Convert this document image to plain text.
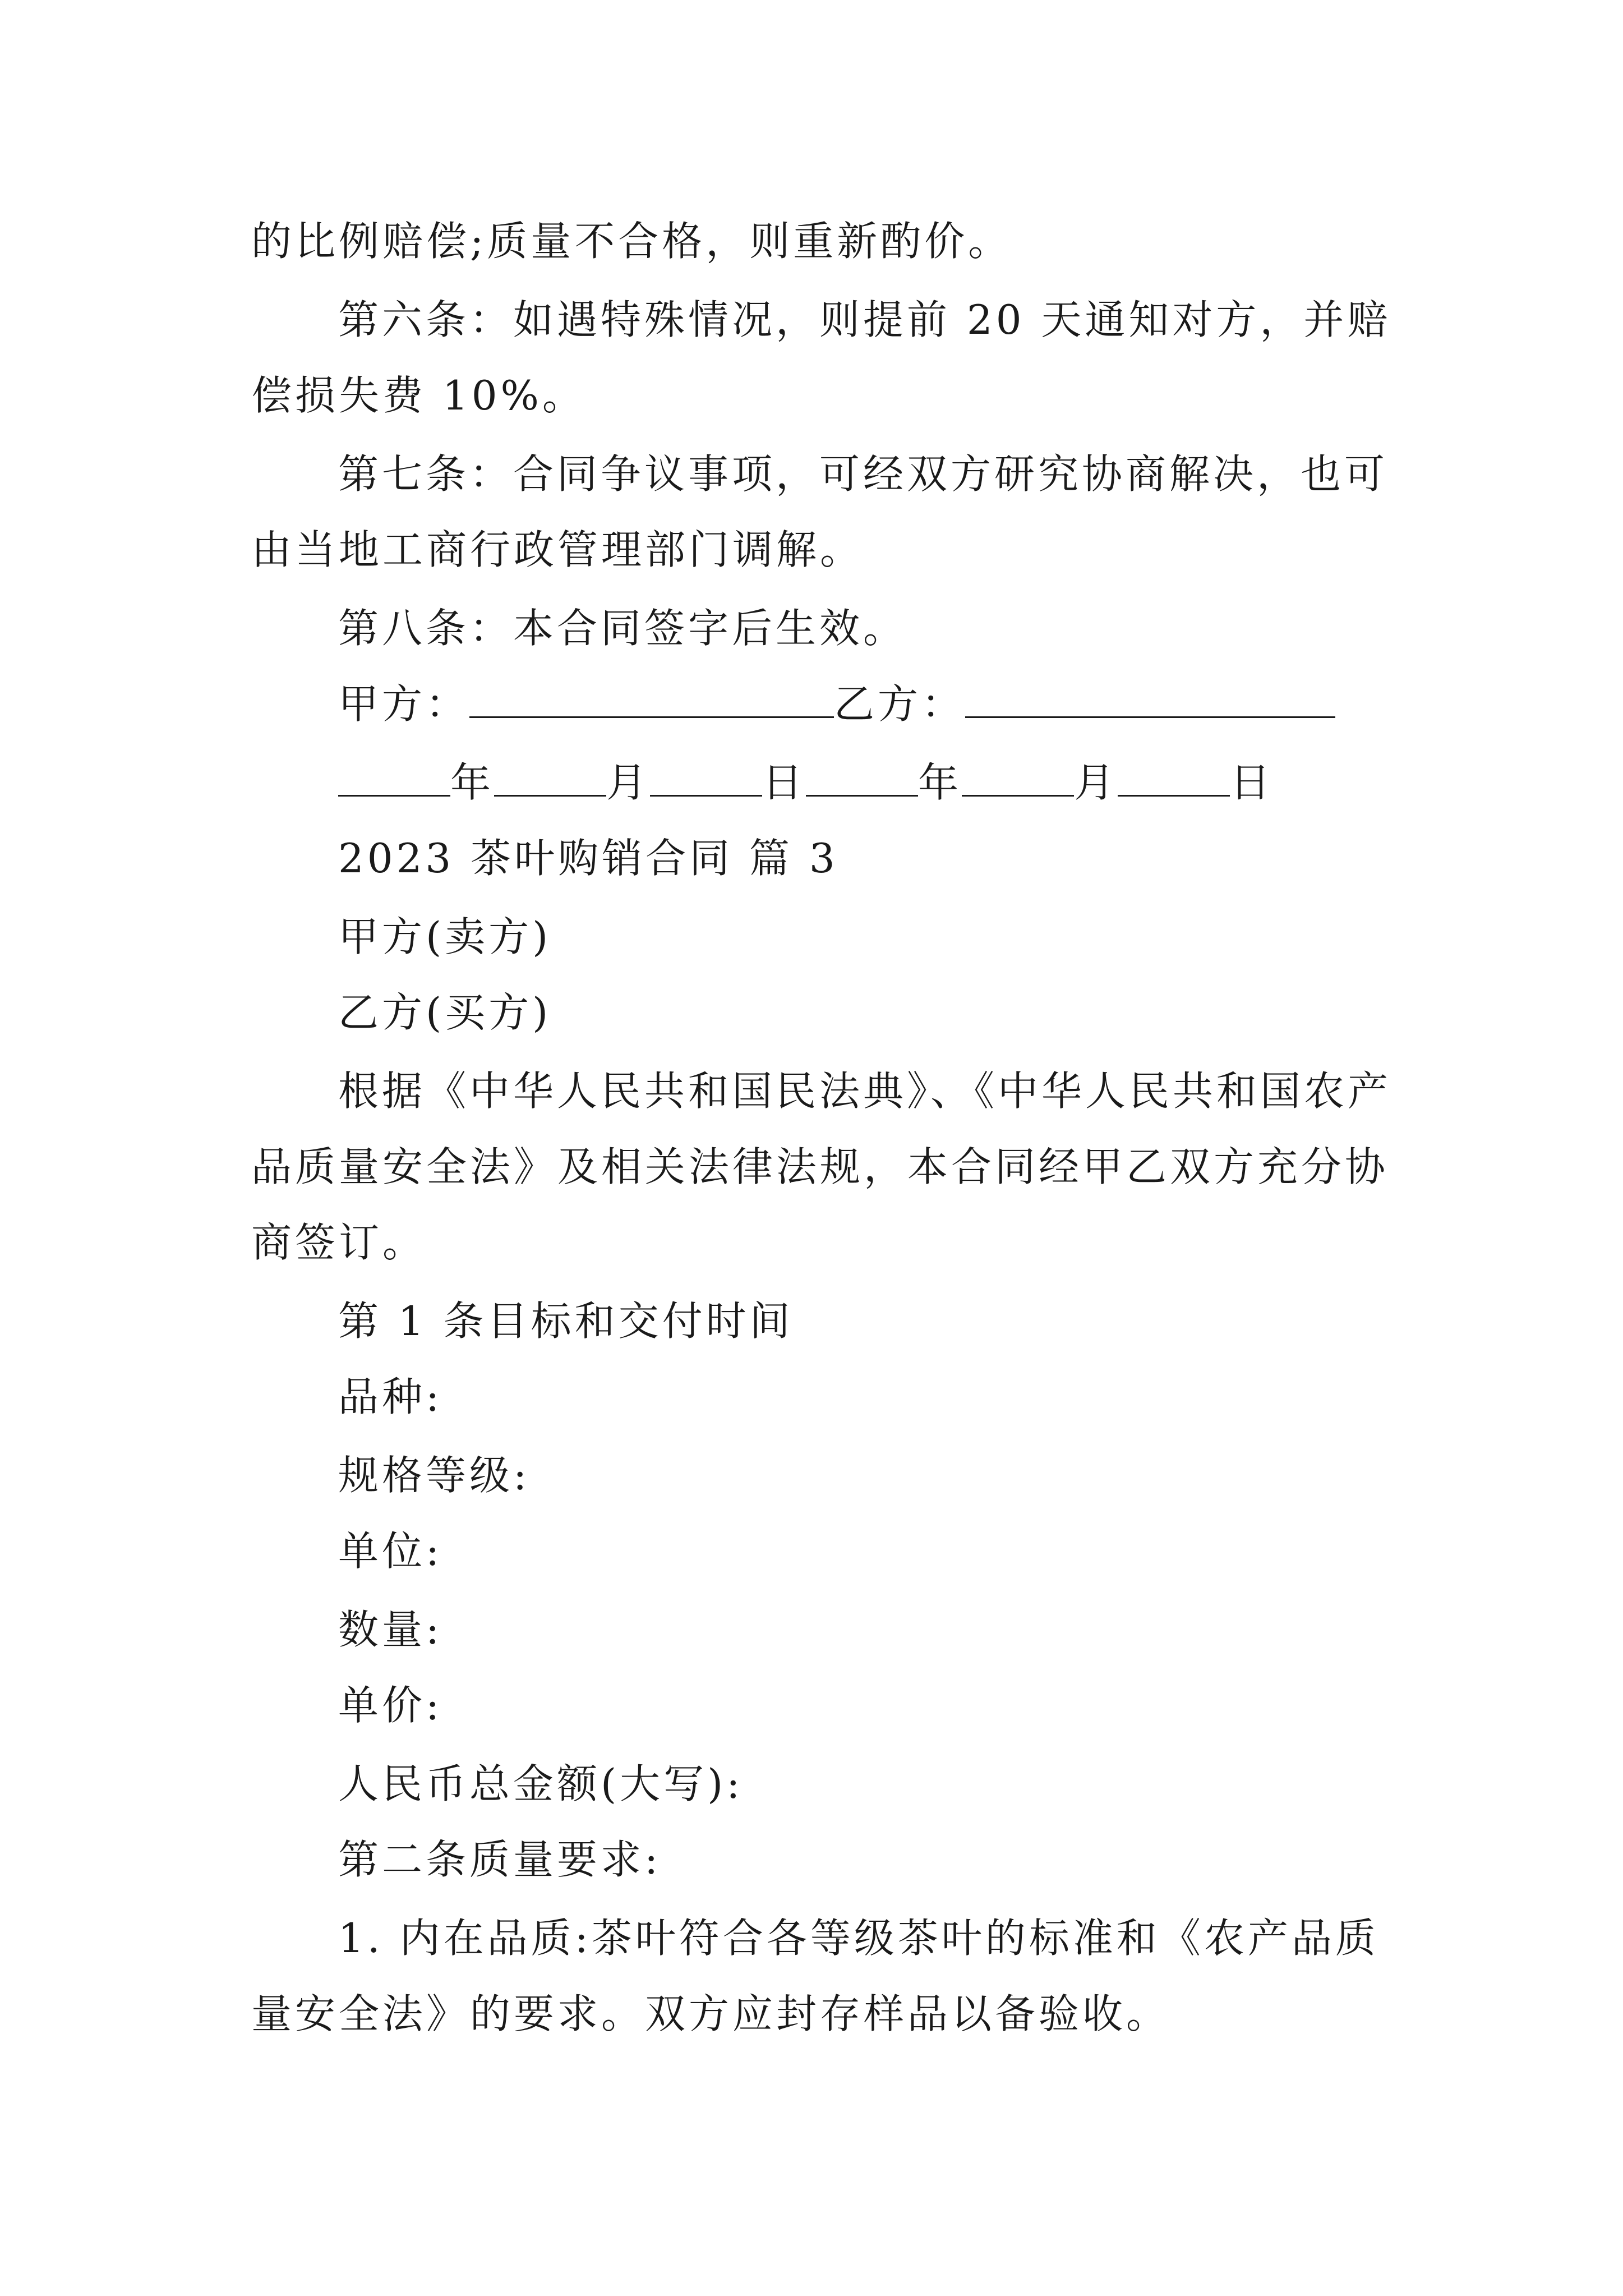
的比例赔偿;质量不合格，则重新酌价。
第六条：如遇特殊情况，则提前 20 天通知对方，并赔
偿损失费 10%。
第七条：合同争议事项，可经双方研究协商解决，也可
由当地工商行政管理部门调解。
第八条：本合同签字后生效。
甲方：	乙方：
年	月	日	年	月	日
2023 茶叶购销合同 篇 3
甲方(卖方)
乙方(买方)
根据《中华人民共和国民法典》、《中华人民共和国农产
品质量安全法》及相关法律法规，本合同经甲乙双方充分协
商签订。
第 1 条目标和交付时间
品种:
规格等级:
单位:
数量:
单价:
人民币总金额(大写):
第二条质量要求:
1. 内在品质:茶叶符合各等级茶叶的标准和《农产品质
量安全法》的要求。双方应封存样品以备验收。
